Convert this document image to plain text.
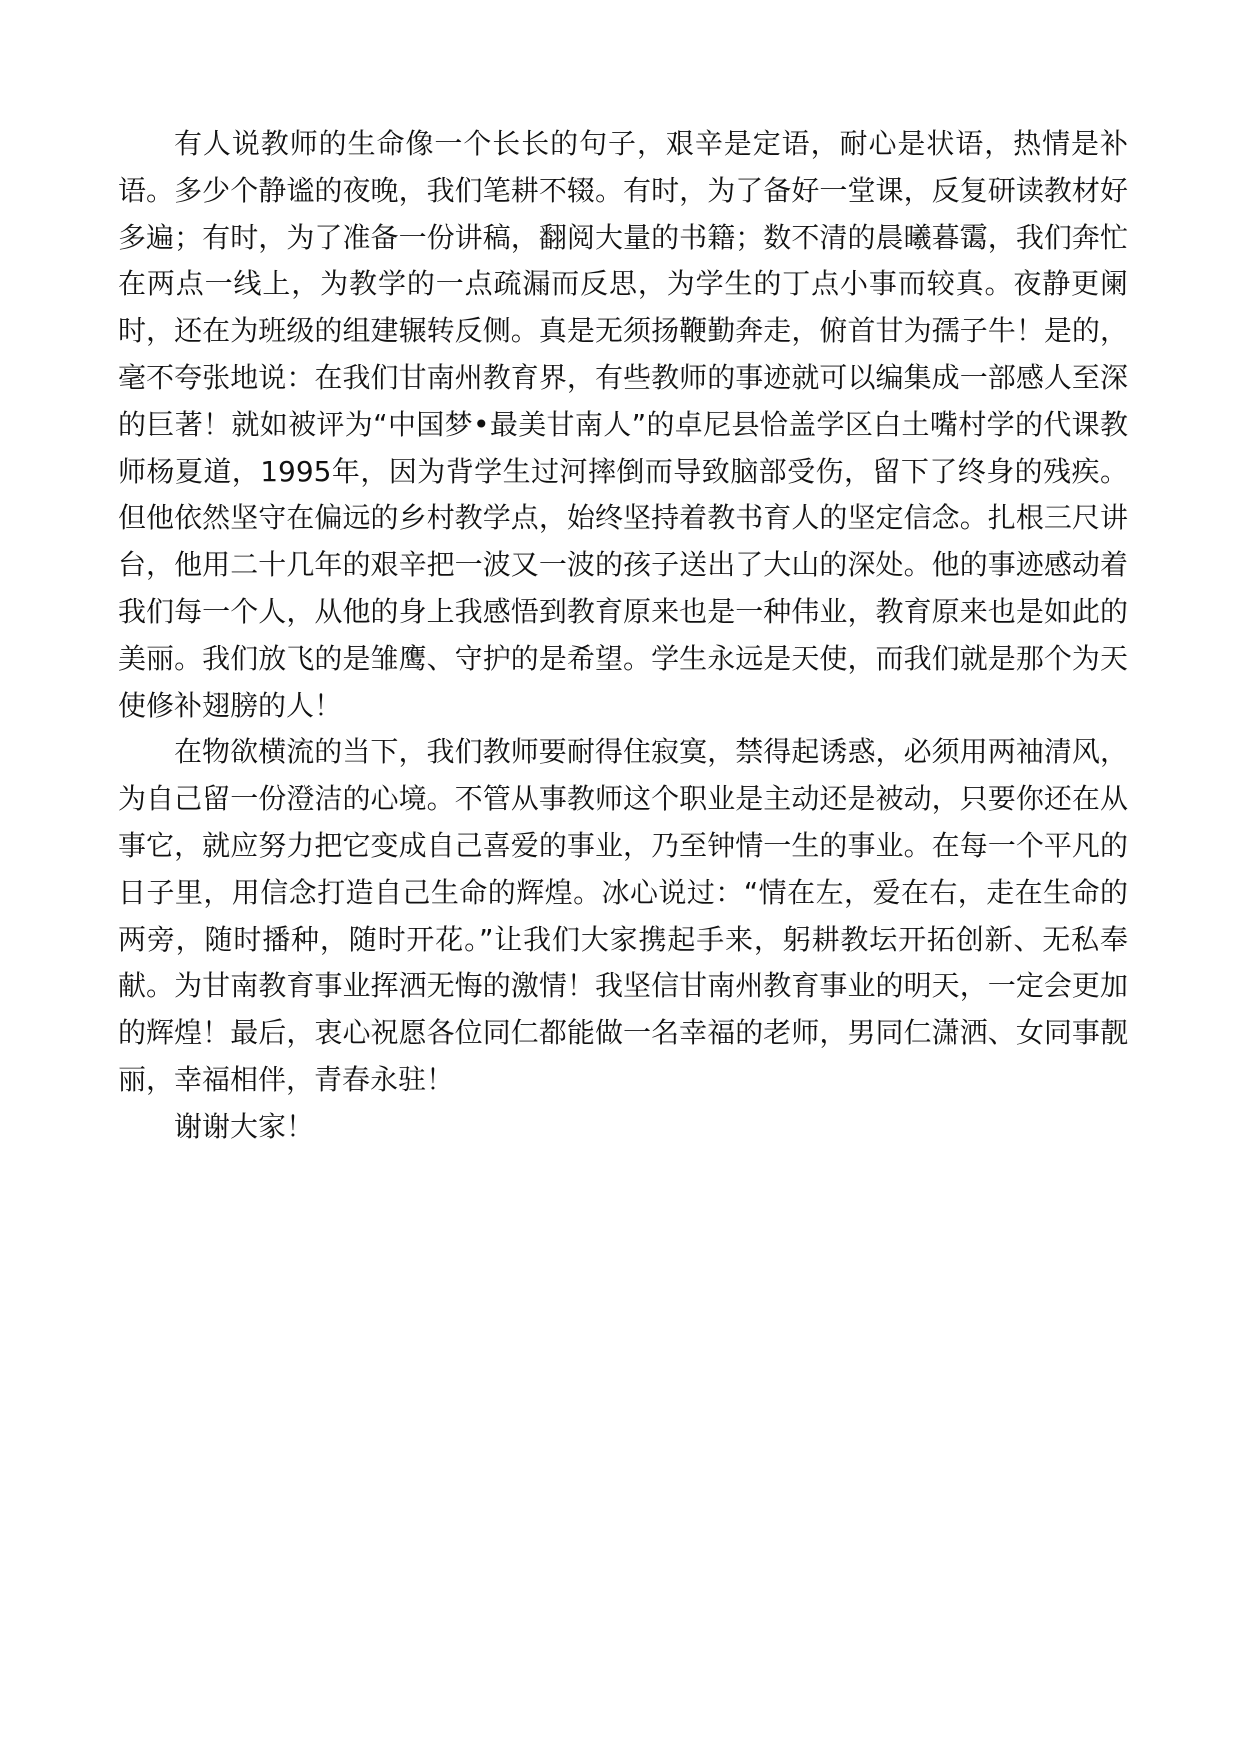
有人说教师的生命像一个长长的句子，艰辛是定语，耐心是状语，热情是补语。多少个静谧的夜晚，我们笔耕不辍。有时，为了备好一堂课，反复研读教材好多遍；有时，为了准备一份讲稿，翻阅大量的书籍；数不清的晨曦暮霭，我们奔忙在两点一线上，为教学的一点疏漏而反思，为学生的丁点小事而较真。夜静更阑时，还在为班级的组建辗转反侧。真是无须扬鞭勤奔走，俯首甘为孺子牛！是的，毫不夸张地说：在我们甘南州教育界，有些教师的事迹就可以编集成一部感人至深的巨著！就如被评为“中国梦•最美甘南人”的卓尼县恰盖学区白土嘴村学的代课教师杨夏道，1995年，因为背学生过河摔倒而导致脑部受伤，留下了终身的残疾。但他依然坚守在偏远的乡村教学点，始终坚持着教书育人的坚定信念。扎根三尺讲台，他用二十几年的艰辛把一波又一波的孩子送出了大山的深处。他的事迹感动着我们每一个人，从他的身上我感悟到教育原来也是一种伟业，教育原来也是如此的美丽。我们放飞的是雏鹰、守护的是希望。学生永远是天使，而我们就是那个为天使修补翅膀的人！

在物欲横流的当下，我们教师要耐得住寂寞，禁得起诱惑，必须用两袖清风，为自己留一份澄洁的心境。不管从事教师这个职业是主动还是被动，只要你还在从事它，就应努力把它变成自己喜爱的事业，乃至钟情一生的事业。在每一个平凡的日子里，用信念打造自己生命的辉煌。冰心说过：“情在左，爱在右，走在生命的两旁，随时播种，随时开花。”让我们大家携起手来，躬耕教坛开拓创新、无私奉献。为甘南教育事业挥洒无悔的激情！我坚信甘南州教育事业的明天，一定会更加的辉煌！最后，衷心祝愿各位同仁都能做一名幸福的老师，男同仁潇洒、女同事靓丽，幸福相伴，青春永驻！

谢谢大家！
